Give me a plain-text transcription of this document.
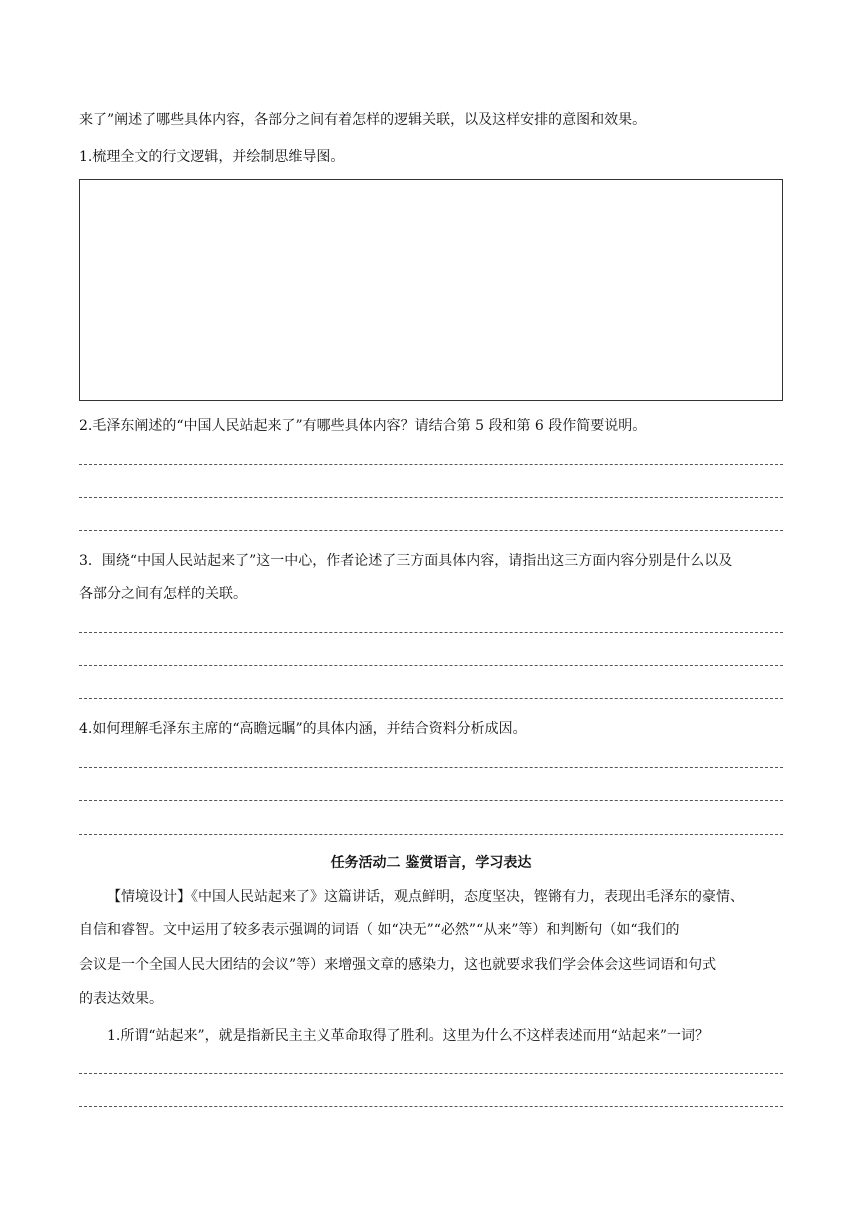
来了”阐述了哪些具体内容，各部分之间有着怎样的逻辑关联，以及这样安排的意图和效果。
1.梳理全文的行文逻辑，并绘制思维导图。
2.毛泽东阐述的“中国人民站起来了”有哪些具体内容？请结合第 5 段和第 6 段作简要说明。
3．围绕“中国人民站起来了”这一中心，作者论述了三方面具体内容，请指出这三方面内容分别是什么以及
各部分之间有怎样的关联。
4.如何理解毛泽东主席的“高瞻远瞩”的具体内涵，并结合资料分析成因。
任务活动二 鉴赏语言，学习表达
【情境设计】《中国人民站起来了》这篇讲话，观点鲜明，态度坚决，铿锵有力，表现出毛泽东的豪情、
自信和睿智。文中运用了较多表示强调的词语（ 如“决无”“必然”“从来”等）和判断句（如“我们的
会议是一个全国人民大团结的会议”等）来增强文章的感染力，这也就要求我们学会体会这些词语和句式
的表达效果。
1.所谓“站起来”，就是指新民主主义革命取得了胜利。这里为什么不这样表述而用“站起来”一词？
